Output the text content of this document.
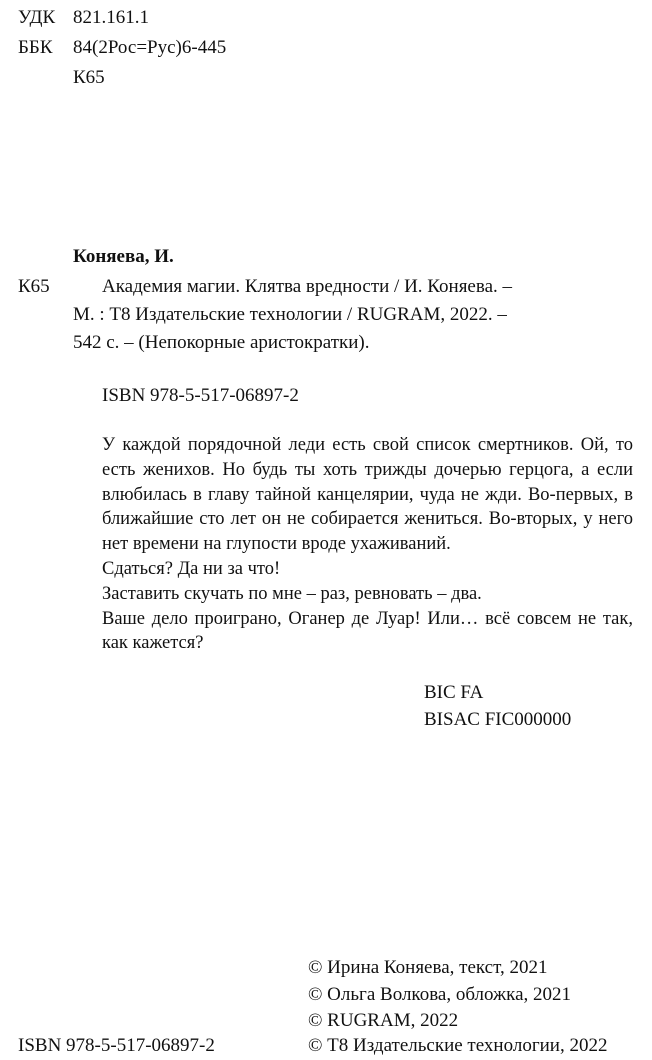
УДК 821.161.1
ББК 84(2Рос=Рус)6-445
К65
Коняева, И.
К65	Академия магии. Клятва вредности / И. Коняева. –
М. : Т8 Издательские технологии / RUGRAM, 2022. –
542 с. – (Непокорные аристократки).
ISBN 978-5-517-06897-2

У каждой порядочной леди есть свой список смертников. Ой, то есть женихов. Но будь ты хоть трижды дочерью герцога, а если влюбилась в главу тайной канцелярии, чуда не жди. Во-первых, в ближайшие сто лет он не собирается жениться. Во-вторых, у него нет времени на глупости вроде ухаживаний.

Сдаться? Да ни за что!

Заставить скучать по мне – раз, ревновать – два.

Ваше дело проиграно, Оганер де Луар! Или… всё совсем не так, как кажется?

BIC FA
BISAC FIC000000
© Ирина Коняева, текст, 2021
© Ольга Волкова, обложка, 2021
© RUGRAM, 2022
© Т8 Издательские технологии, 2022
ISBN 978-5-517-06897-2
